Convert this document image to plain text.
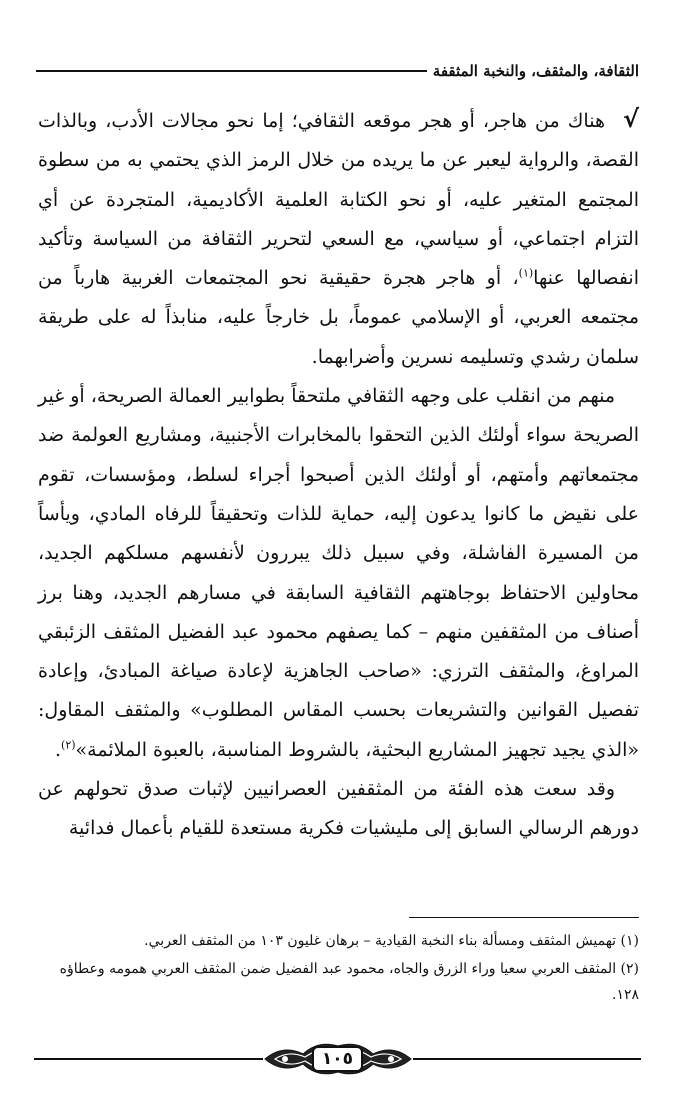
الثقافة، والمثقف، والنخبة المثقفة

√هناك من هاجر، أو هجر موقعه الثقافي؛ إما نحو مجالات الأدب، وبالذات القصة، والرواية ليعبر عن ما يريده من خلال الرمز الذي يحتمي به من سطوة المجتمع المتغير عليه، أو نحو الكتابة العلمية الأكاديمية، المتجردة عن أي التزام اجتماعي، أو سياسي، مع السعي لتحرير الثقافة من السياسة وتأكيد انفصالها عنها$^{(١)}$، أو هاجر هجرة حقيقية نحو المجتمعات الغربية هارباً من مجتمعه العربي، أو الإسلامي عموماً، بل خارجاً عليه، منابذاً له على طريقة سلمان رشدي وتسليمه نسرين وأضرابهما.

منهم من انقلب على وجهه الثقافي ملتحقاً بطوابير العمالة الصريحة، أو غير الصريحة سواء أولئك الذين التحقوا بالمخابرات الأجنبية، ومشاريع العولمة ضد مجتمعاتهم وأمتهم، أو أولئك الذين أصبحوا أجراء لسلط، ومؤسسات، تقوم على نقيض ما كانوا يدعون إليه، حماية للذات وتحقيقاً للرفاه المادي، ويأساً من المسيرة الفاشلة، وفي سبيل ذلك يبررون لأنفسهم مسلكهم الجديد، محاولين الاحتفاظ بوجاهتهم الثقافية السابقة في مسارهم الجديد، وهنا برز أصناف من المثقفين منهم – كما يصفهم محمود عبد الفضيل المثقف الزئبقي المراوغ، والمثقف الترزي: «صاحب الجاهزية لإعادة صياغة المبادئ، وإعادة تفصيل القوانين والتشريعات بحسب المقاس المطلوب» والمثقف المقاول: «الذي يجيد تجهيز المشاريع البحثية، بالشروط المناسبة، بالعبوة الملائمة»$^{(٢)}$.

وقد سعت هذه الفئة من المثقفين العصرانيين لإثبات صدق تحولهم عن دورهم الرسالي السابق إلى مليشيات فكرية مستعدة للقيام بأعمال فدائية

(١) تهميش المثقف ومسألة بناء النخبة القيادية – برهان غليون ١٠٣ من المثقف العربي.

(٢) المثقف العربي سعيا وراء الزرق والجاه، محمود عبد الفضيل ضمن المثقف العربي همومه وعطاؤه ١٢٨.

١٠٥
